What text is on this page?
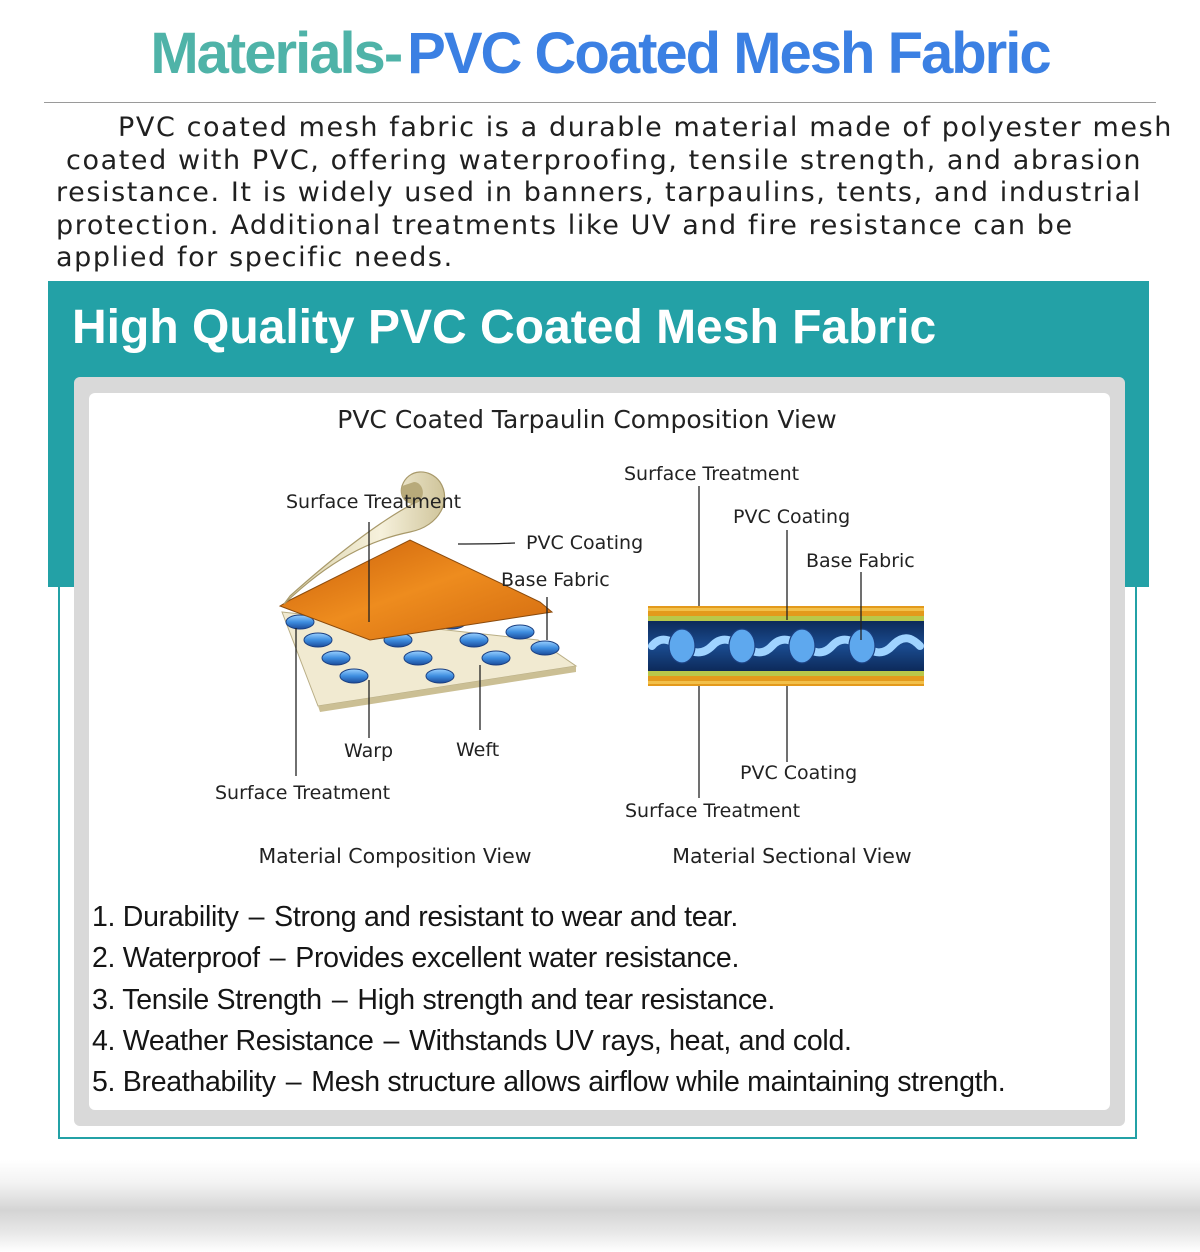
Materials- PVC Coated Mesh Fabric
PVC coated mesh fabric is a durable material made of polyester mesh
coated with PVC, offering waterproofing, tensile strength, and abrasion
resistance. It is widely used in banners, tarpaulins, tents, and industrial
protection. Additional treatments like UV and fire resistance can be
applied for specific needs.
High Quality PVC Coated Mesh Fabric
PVC Coated Tarpaulin Composition View
Surface Treatment
PVC Coating
Base Fabric
Warp	Weft
Surface Treatment
Surface Treatment
PVC Coating
Base Fabric
PVC Coating
Surface Treatment
Material Composition View	Material Sectional View
1. Durability – Strong and resistant to wear and tear.
2. Waterproof – Provides excellent water resistance.
3. Tensile Strength – High strength and tear resistance.
4. Weather Resistance – Withstands UV rays, heat, and cold.
5. Breathability – Mesh structure allows airflow while maintaining strength.
